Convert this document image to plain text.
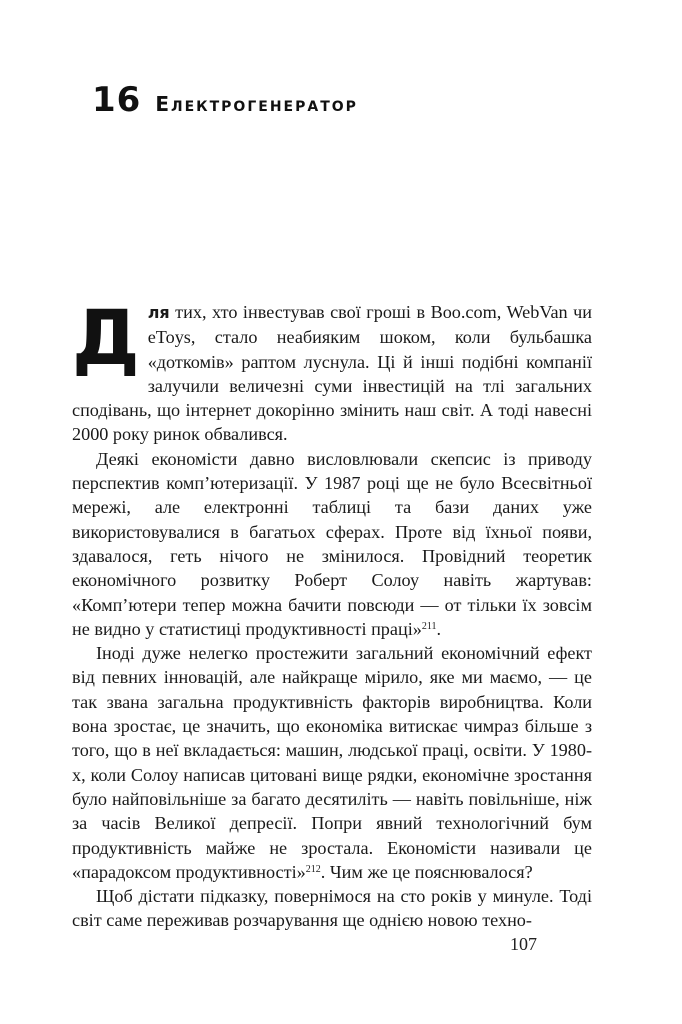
16 Електрогенератор

Для тих, хто інвестував свої гроші в Boo.com, WebVan чи eToys, стало неабияким шоком, коли бульбашка «доткомів» раптом луснула. Ці й інші подібні компанії залучили величезні суми інвестицій на тлі загальних сподівань, що інтернет докорінно змінить наш світ. А тоді навесні 2000 року ринок обвалився.

Деякі економісти давно висловлювали скепсис із приводу перспектив комп’ютеризації. У 1987 році ще не було Всесвітньої мережі, але електронні таблиці та бази даних уже використовувалися в багатьох сферах. Проте від їхньої появи, здавалося, геть нічого не змінилося. Провідний теоретик економічного розвитку Роберт Солоу навіть жартував: «Комп’ютери тепер можна бачити повсюди — от тільки їх зовсім не видно у статистиці продуктивності праці»$^{211}$.

Іноді дуже нелегко простежити загальний економічний ефект від певних інновацій, але найкраще мірило, яке ми маємо, — це так звана загальна продуктивність факторів виробництва. Коли вона зростає, це значить, що економіка витискає чимраз більше з того, що в неї вкладається: машин, людської праці, освіти. У 1980-х, коли Солоу написав цитовані вище рядки, економічне зростання було найповільніше за багато десятиліть — навіть повільніше, ніж за часів Великої депресії. Попри явний технологічний бум продуктивність майже не зростала. Економісти називали це «парадоксом продуктивності»$^{212}$. Чим же це пояснювалося?

Щоб дістати підказку, повернімося на сто років у минуле. Тоді світ саме переживав розчарування ще однією новою техно-

107
